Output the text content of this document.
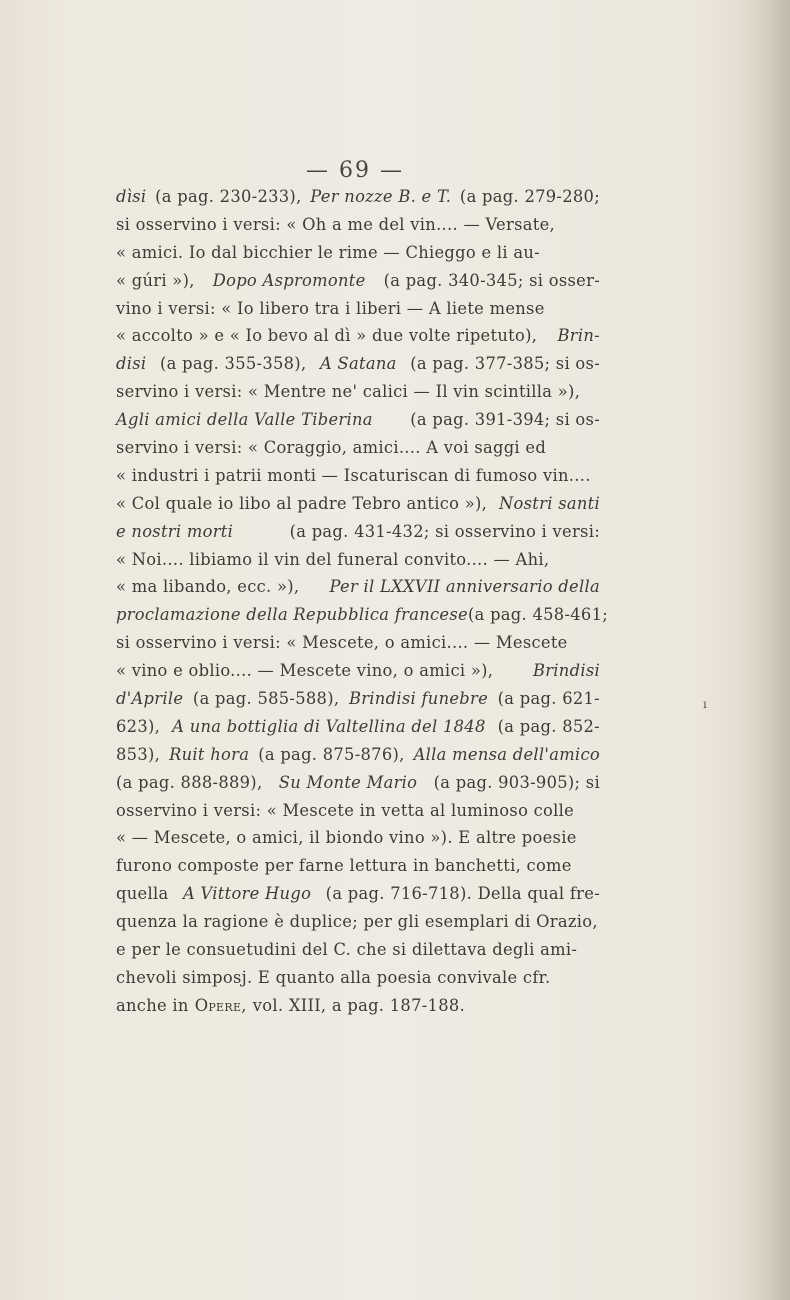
— 69 —
dìsi (a pag. 230-233), Per nozze B. e T. (a pag. 279-280;
si osservino i versi: « Oh a me del vin.... — Versate,
« amici. Io dal bicchier le rime — Chieggo e li au-
« gúri »), Dopo Aspromonte (a pag. 340-345; si osser-
vino i versi: « Io libero tra i liberi — A liete mense
« accolto » e « Io bevo al dì » due volte ripetuto), Brin-
disi (a pag. 355-358), A Satana (a pag. 377-385; si os-
servino i versi: « Mentre ne' calici — Il vin scintilla »),
Agli amici della Valle Tiberina (a pag. 391-394; si os-
servino i versi: « Coraggio, amici.... A voi saggi ed
« industri i patrii monti — Iscaturiscan di fumoso vin....
« Col quale io libo al padre Tebro antico »), Nostri santi
e nostri morti	(a pag. 431-432; si osservino i versi:
« Noi.... libiamo il vin del funeral convito.... — Ahi,
« ma libando, ecc. »), Per il LXXVII anniversario della
proclamazione della Repubblica francese (a pag. 458-461;
si osservino i versi: « Mescete, o amici.... — Mescete
« vino e oblio.... — Mescete vino, o amici »), Brindisi
d'Aprile (a pag. 585-588), Brindisi funebre (a pag. 621-
623), A una bottiglia di Valtellina del 1848 (a pag. 852-
853), Ruit hora (a pag. 875-876), Alla mensa dell'amico
(a pag. 888-889), Su Monte Mario (a pag. 903-905); si
osservino i versi: « Mescete in vetta al luminoso colle
« — Mescete, o amici, il biondo vino »). E altre poesie
furono composte per farne lettura in banchetti, come
quella A Vittore Hugo (a pag. 716-718). Della qual fre-
quenza la ragione è duplice; per gli esemplari di Orazio,
e per le consuetudini del C. che si dilettava degli ami-
chevoli simposj. E quanto alla poesia convivale cfr.
anche in Opere, vol. XIII, a pag. 187-188.
ı
